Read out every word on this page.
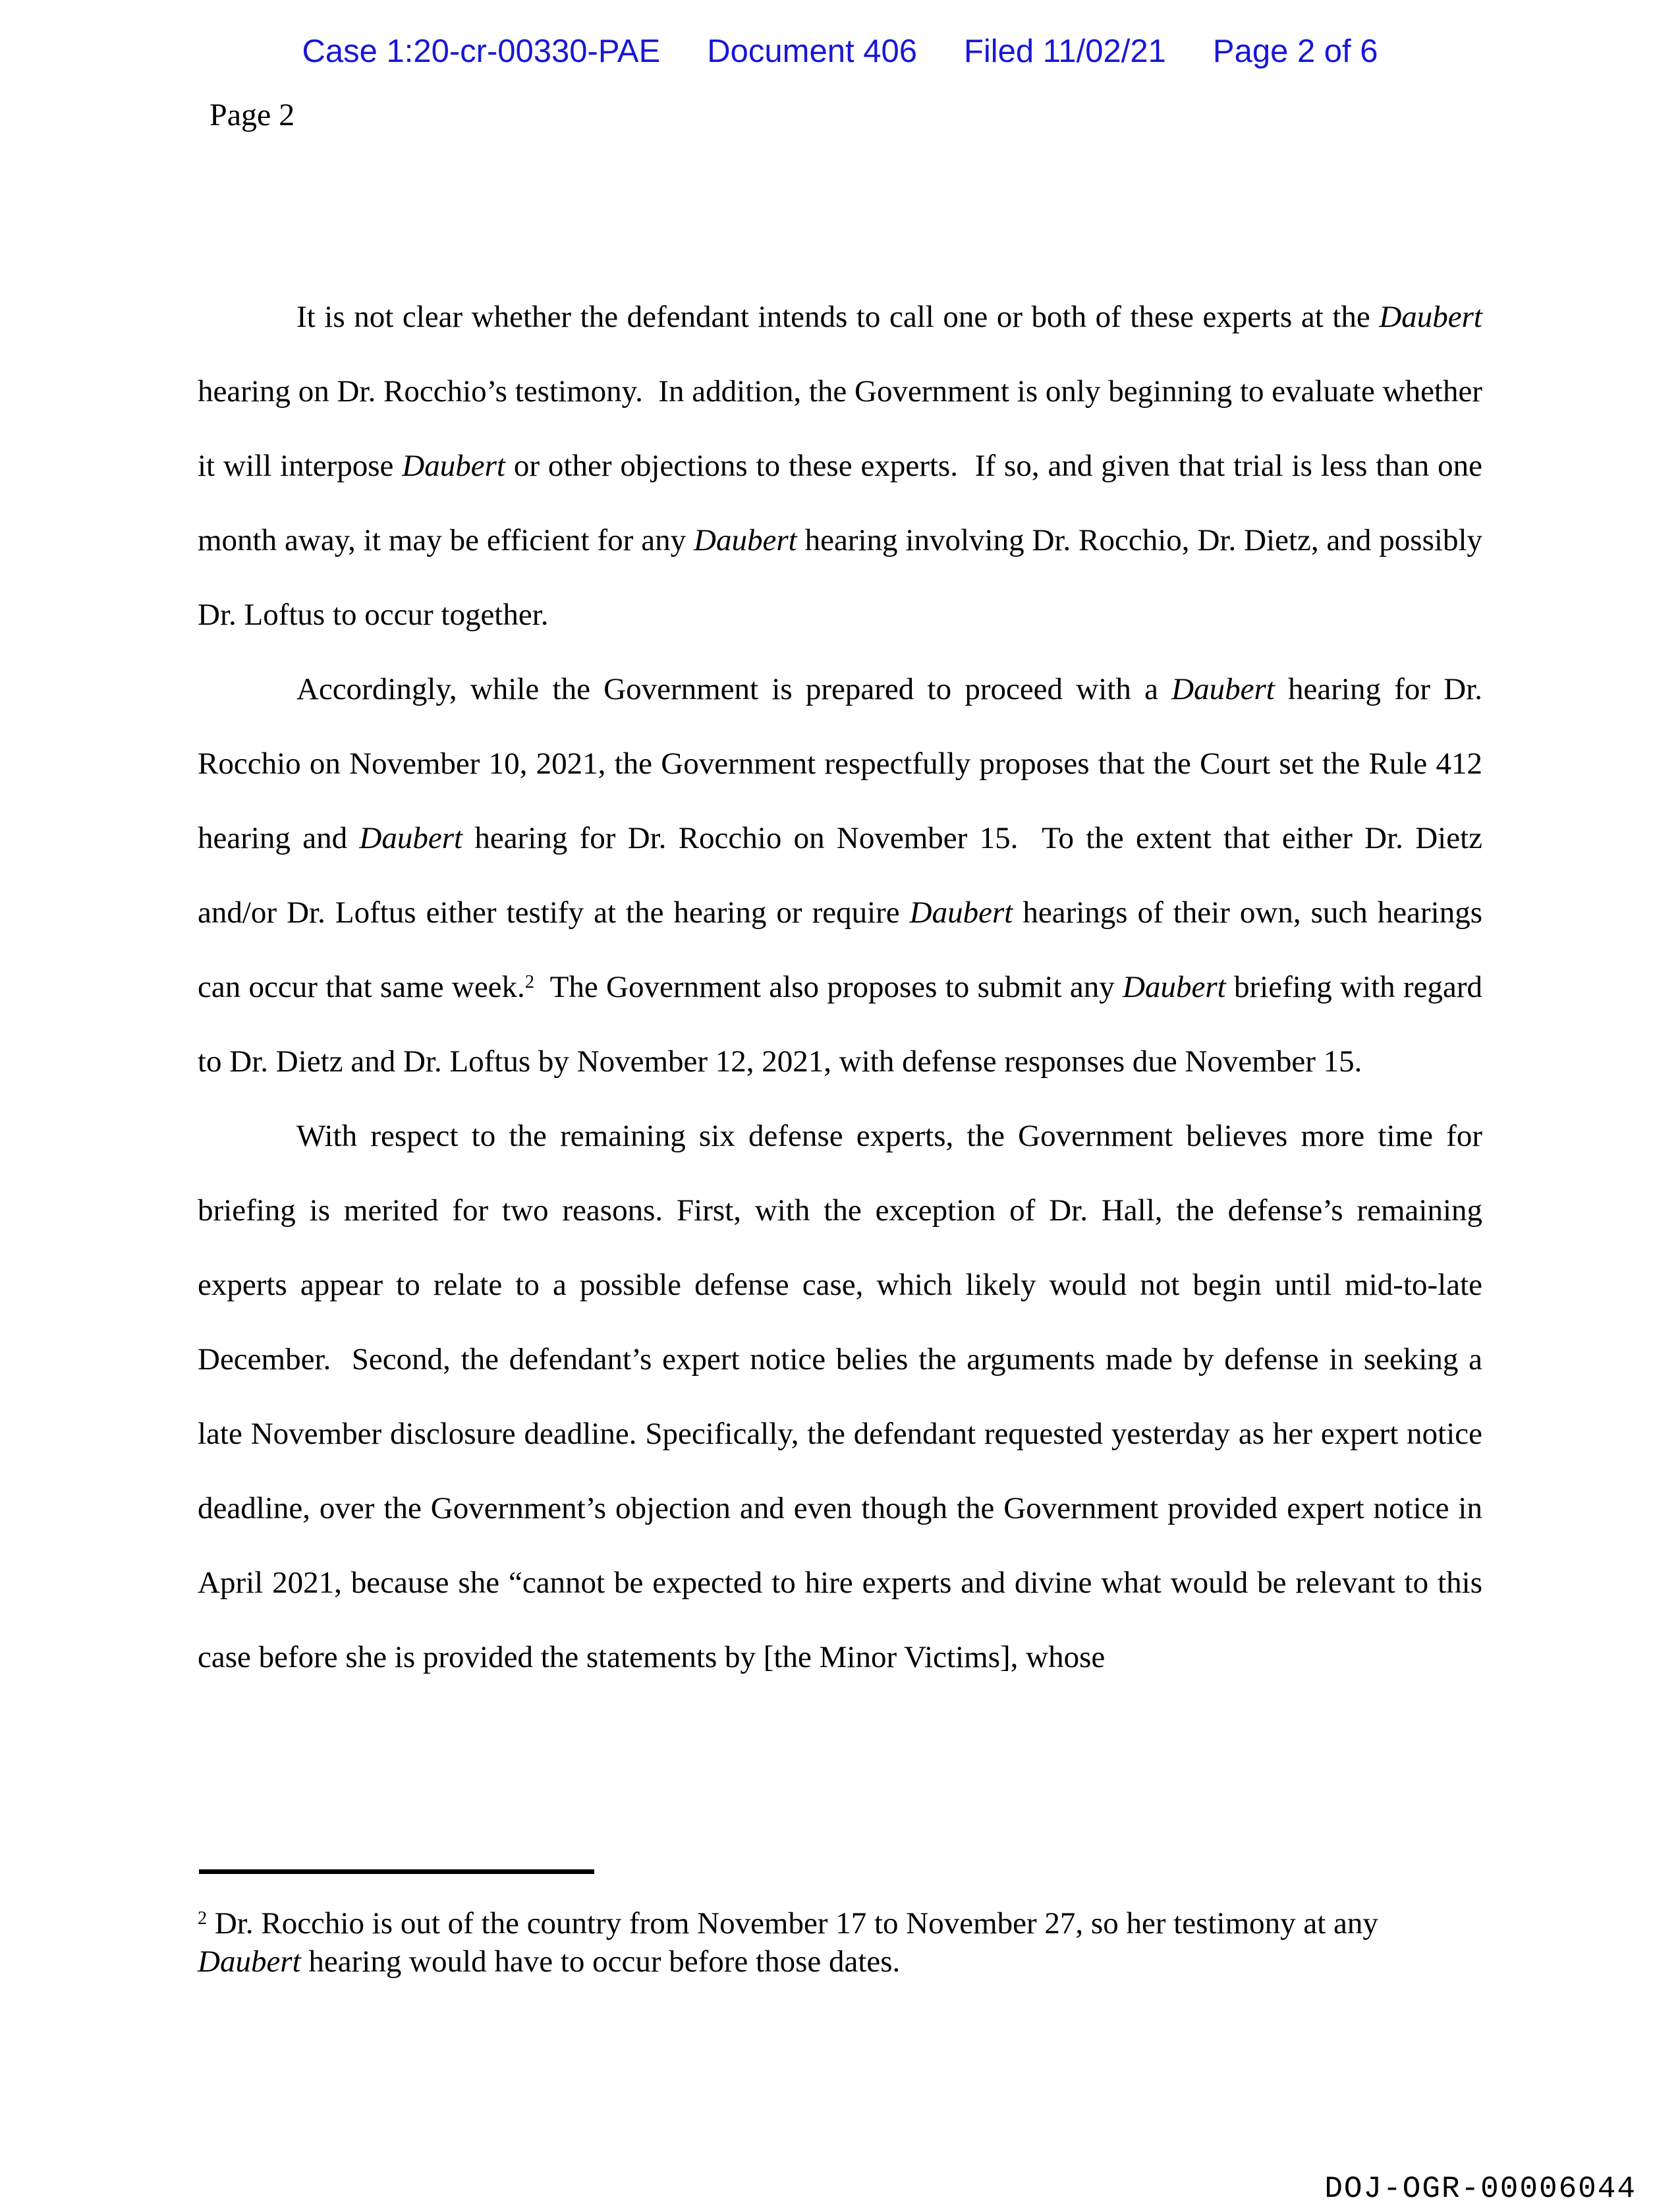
Case 1:20-cr-00330-PAE Document 406 Filed 11/02/21 Page 2 of 6
Page 2

It is not clear whether the defendant intends to call one or both of these experts at the Daubert hearing on Dr. Rocchio’s testimony.  In addition, the Government is only beginning to evaluate whether it will interpose Daubert or other objections to these experts.  If so, and given that trial is less than one month away, it may be efficient for any Daubert hearing involving Dr. Rocchio, Dr. Dietz, and possibly Dr. Loftus to occur together.

Accordingly, while the Government is prepared to proceed with a Daubert hearing for Dr. Rocchio on November 10, 2021, the Government respectfully proposes that the Court set the Rule 412 hearing and Daubert hearing for Dr. Rocchio on November 15.  To the extent that either Dr. Dietz and/or Dr. Loftus either testify at the hearing or require Daubert hearings of their own, such hearings can occur that same week.$^2$  The Government also proposes to submit any Daubert briefing with regard to Dr. Dietz and Dr. Loftus by November 12, 2021, with defense responses due November 15.

With respect to the remaining six defense experts, the Government believes more time for briefing is merited for two reasons. First, with the exception of Dr. Hall, the defense’s remaining experts appear to relate to a possible defense case, which likely would not begin until mid-to-late December.  Second, the defendant’s expert notice belies the arguments made by defense in seeking a late November disclosure deadline. Specifically, the defendant requested yesterday as her expert notice deadline, over the Government’s objection and even though the Government provided expert notice in April 2021, because she “cannot be expected to hire experts and divine what would be relevant to this case before she is provided the statements by [the Minor Victims], whose

$^2$ Dr. Rocchio is out of the country from November 17 to November 27, so her testimony at any Daubert hearing would have to occur before those dates.
DOJ-OGR-00006044
